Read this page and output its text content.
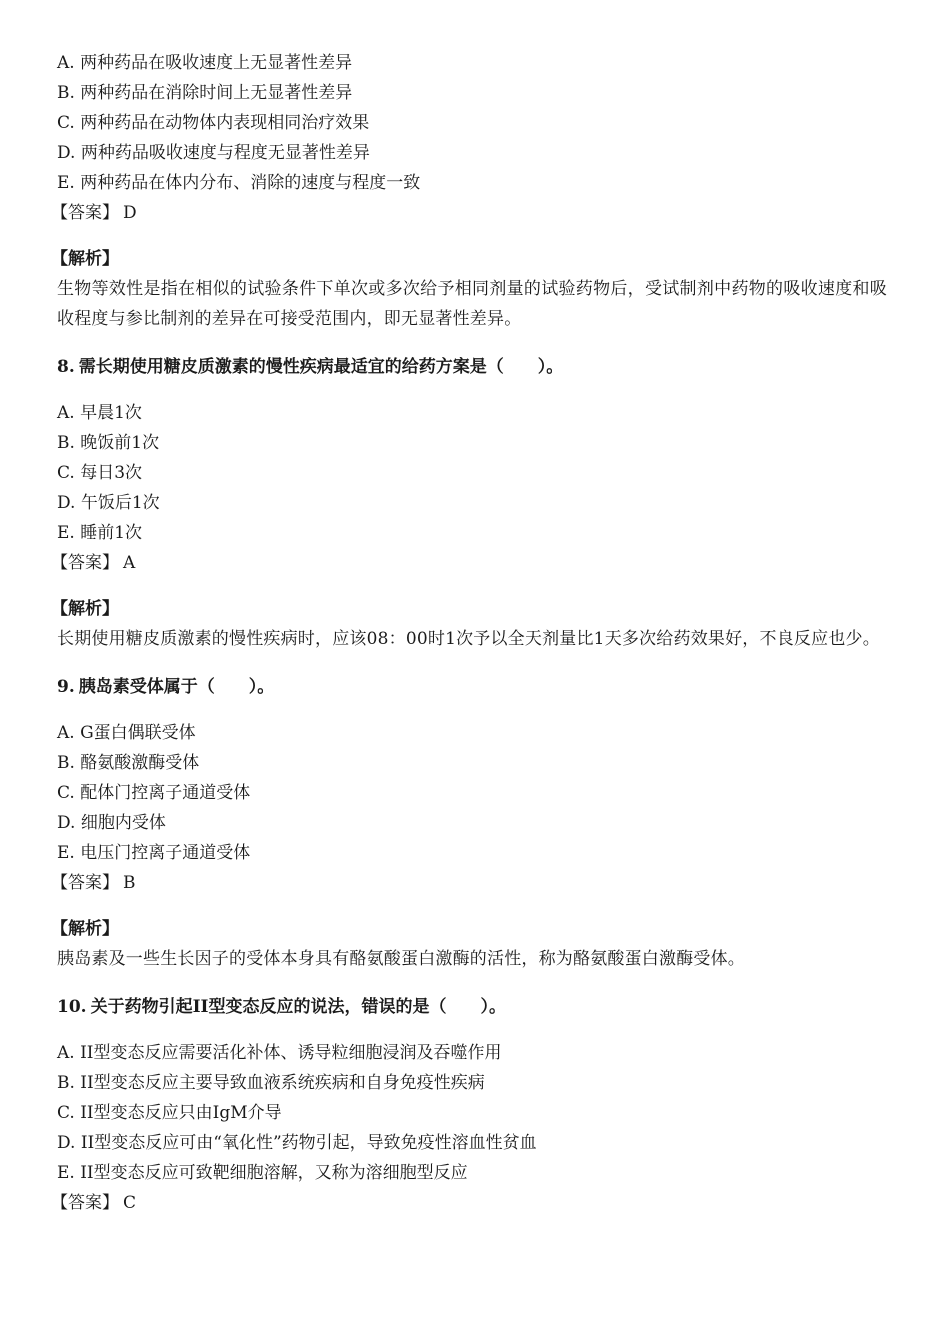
A. 两种药品在吸收速度上无显著性差异
B. 两种药品在消除时间上无显著性差异
C. 两种药品在动物体内表现相同治疗效果
D. 两种药品吸收速度与程度无显著性差异
E. 两种药品在体内分布、消除的速度与程度一致
【答案】 D
【解析】
生物等效性是指在相似的试验条件下单次或多次给予相同剂量的试验药物后，受试制剂中药物的吸收速度和吸收程度与参比制剂的差异在可接受范围内，即无显著性差异。
8. 需长期使用糖皮质激素的慢性疾病最适宜的给药方案是（　　）。
A. 早晨1次
B. 晚饭前1次
C. 每日3次
D. 午饭后1次
E. 睡前1次
【答案】 A
【解析】
长期使用糖皮质激素的慢性疾病时，应该08：00时1次予以全天剂量比1天多次给药效果好，不良反应也少。
9. 胰岛素受体属于（　　）。
A. G蛋白偶联受体
B. 酪氨酸激酶受体
C. 配体门控离子通道受体
D. 细胞内受体
E. 电压门控离子通道受体
【答案】 B
【解析】
胰岛素及一些生长因子的受体本身具有酪氨酸蛋白激酶的活性，称为酪氨酸蛋白激酶受体。
10. 关于药物引起II型变态反应的说法，错误的是（　　）。
A. II型变态反应需要活化补体、诱导粒细胞浸润及吞噬作用
B. II型变态反应主要导致血液系统疾病和自身免疫性疾病
C. II型变态反应只由IgM介导
D. II型变态反应可由“氧化性”药物引起，导致免疫性溶血性贫血
E. II型变态反应可致靶细胞溶解，又称为溶细胞型反应
【答案】 C
